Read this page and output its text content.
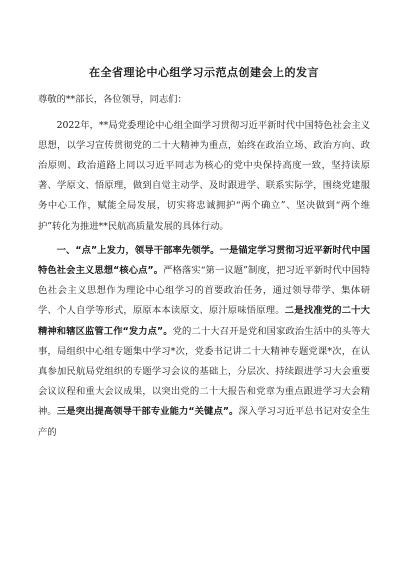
在全省理论中心组学习示范点创建会上的发言

尊敬的**部长，各位领导，同志们：

2022年，**局党委理论中心组全面学习贯彻习近平新时代中国特色社会主义思想，以学习宣传贯彻党的二十大精神为重点，始终在政治立场、政治方向、政治原则、政治道路上同以习近平同志为核心的党中央保持高度一致，坚持读原著、学原文、悟原理，做到自觉主动学、及时跟进学、联系实际学，围绕党建服务中心工作，赋能全局发展，切实将忠诚拥护“两个确立”、坚决做到“两个维护”转化为推进**民航高质量发展的具体行动。

一、“点”上发力，领导干部率先领学。一是锚定学习贯彻习近平新时代中国特色社会主义思想“核心点”。严格落实“第一议题”制度，把习近平新时代中国特色社会主义思想作为理论中心组学习的首要政治任务，通过领导带学、集体研学、个人自学等形式，原原本本读原文、原汁原味悟原理。二是找准党的二十大精神和辖区监管工作“发力点”。党的二十大召开是党和国家政治生活中的头等大事，局组织中心组专题集中学习*次，党委书记讲二十大精神专题党课*次，在认真参加民航局党组织的专题学习会议的基础上，分层次、持续跟进学习大会重要会议议程和重大会议成果，以突出党的二十大报告和党章为重点跟进学习大会精神。三是突出提高领导干部专业能力“关键点”。深入学习习近平总书记对安全生产的
